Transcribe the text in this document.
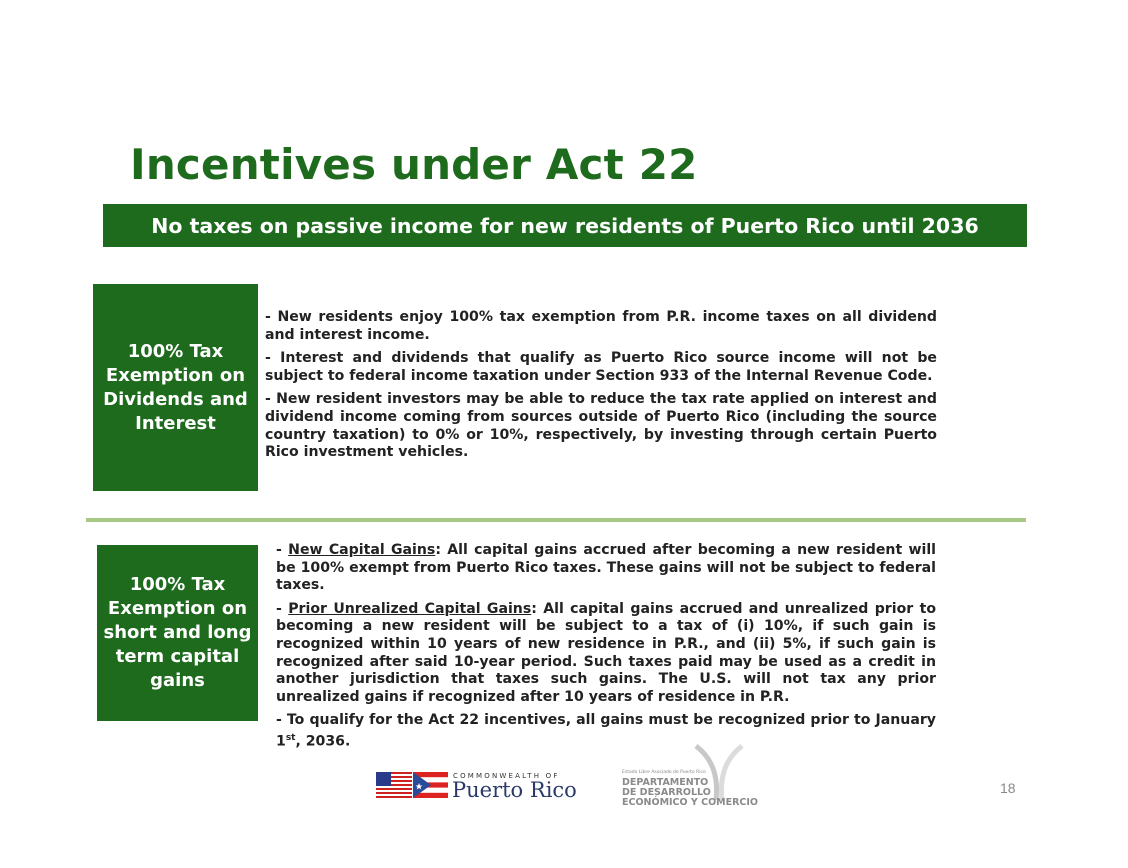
Incentives under Act 22
No taxes on passive income for new residents of Puerto Rico until 2036
100% Tax Exemption on Dividends and Interest

- New residents enjoy 100% tax exemption from P.R. income taxes on all dividend and interest income.

- Interest and dividends that qualify as Puerto Rico source income will not be subject to federal income taxation under Section 933 of the Internal Revenue Code.

- New resident investors may be able to reduce the tax rate applied on interest and dividend income coming from sources outside of Puerto Rico (including the source country taxation) to 0% or 10%, respectively, by investing through certain Puerto Rico investment vehicles.

100% Tax Exemption on short and long term capital gains

- New Capital Gains: All capital gains accrued after becoming a new resident will be 100% exempt from Puerto Rico taxes. These gains will not be subject to federal taxes.

- Prior Unrealized Capital Gains: All capital gains accrued and unrealized prior to becoming a new resident will be subject to a tax of (i) 10%, if such gain is recognized within 10 years of new residence in P.R., and (ii) 5%, if such gain is recognized after said 10-year period. Such taxes paid may be used as a credit in another jurisdiction that taxes such gains. The U.S. will not tax any prior unrealized gains if recognized after 10 years of residence in P.R.

- To qualify for the Act 22 incentives, all gains must be recognized prior to January 1st, 2036.

COMMONWEALTH OF
Puerto Rico
Estado Libre Asociado de Puerto Rico
DEPARTAMENTO
DE DESARROLLO
ECONÓMICO Y COMERCIO
18
